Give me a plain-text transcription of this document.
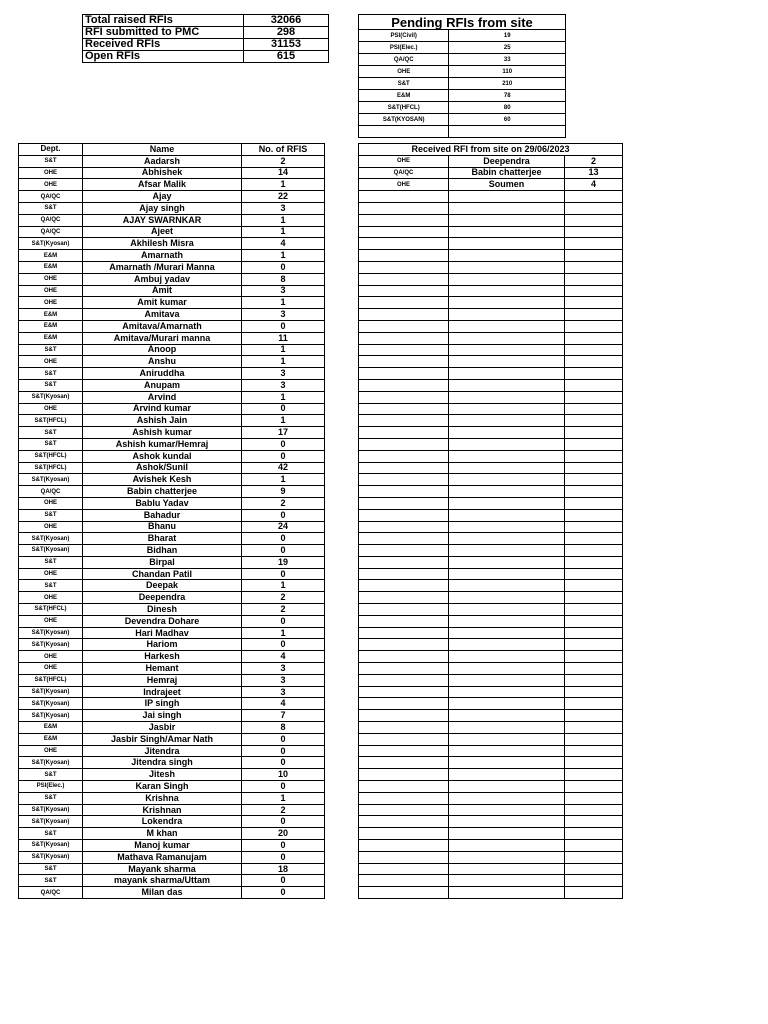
Total raised RFIs	32066
RFI submitted to PMC	298
Received RFIs	31153
Open RFIs	615
Pending RFIs from site	
PSI(Civil)	19
PSI(Elec.)	25
QA/QC	33
OHE	110
S&T	210
E&M	78
S&T(HFCL)	80
S&T(KYOSAN)	60

Dept.	Name	No. of RFIS
S&T	Aadarsh	2
OHE	Abhishek	14
OHE	Afsar Malik	1
QA/QC	Ajay	22
S&T	Ajay singh	3
QA/QC	AJAY SWARNKAR	1
QA/QC	Ajeet	1
S&T(Kyosan)	Akhilesh Misra	4
E&M	Amarnath	1
E&M	Amarnath /Murari Manna	0
OHE	Ambuj yadav	8
OHE	Amit	3
OHE	Amit kumar	1
E&M	Amitava	3
E&M	Amitava/Amarnath	0
E&M	Amitava/Murari manna	11
S&T	Anoop	1
OHE	Anshu	1
S&T	Aniruddha	3
S&T	Anupam	3
S&T(Kyosan)	Arvind	1
OHE	Arvind kumar	0
S&T(HFCL)	Ashish Jain	1
S&T	Ashish kumar	17
S&T	Ashish kumar/Hemraj	0
S&T(HFCL)	Ashok kundal	0
S&T(HFCL)	Ashok/Sunil	42
S&T(Kyosan)	Avishek Kesh	1
QA/QC	Babin chatterjee	9
OHE	Bablu Yadav	2
S&T	Bahadur	0
OHE	Bhanu	24
S&T(Kyosan)	Bharat	0
S&T(Kyosan)	Bidhan	0
S&T	Birpal	19
OHE	Chandan Patil	0
S&T	Deepak	1
OHE	Deependra	2
S&T(HFCL)	Dinesh	2
OHE	Devendra Dohare	0
S&T(Kyosan)	Hari Madhav	1
S&T(Kyosan)	Hariom	0
OHE	Harkesh	4
OHE	Hemant	3
S&T(HFCL)	Hemraj	3
S&T(Kyosan)	Indrajeet	3
S&T(Kyosan)	IP singh	4
S&T(Kyosan)	Jai singh	7
E&M	Jasbir	8
E&M	Jasbir Singh/Amar Nath	0
OHE	Jitendra	0
S&T(Kyosan)	Jitendra singh	0
S&T	Jitesh	10
PSI(Elec.)	Karan Singh	0
S&T	Krishna	1
S&T(Kyosan)	Krishnan	2
S&T(Kyosan)	Lokendra	0
S&T	M khan	20
S&T(Kyosan)	Manoj kumar	0
S&T(Kyosan)	Mathava Ramanujam	0
S&T	Mayank sharma	18
S&T	mayank sharma/Uttam	0
QA/QC	Milan das	0
Received RFI from site on 29/06/2023		
OHE	Deependra	2
QA/QC	Babin chatterjee	13
OHE	Soumen	4
